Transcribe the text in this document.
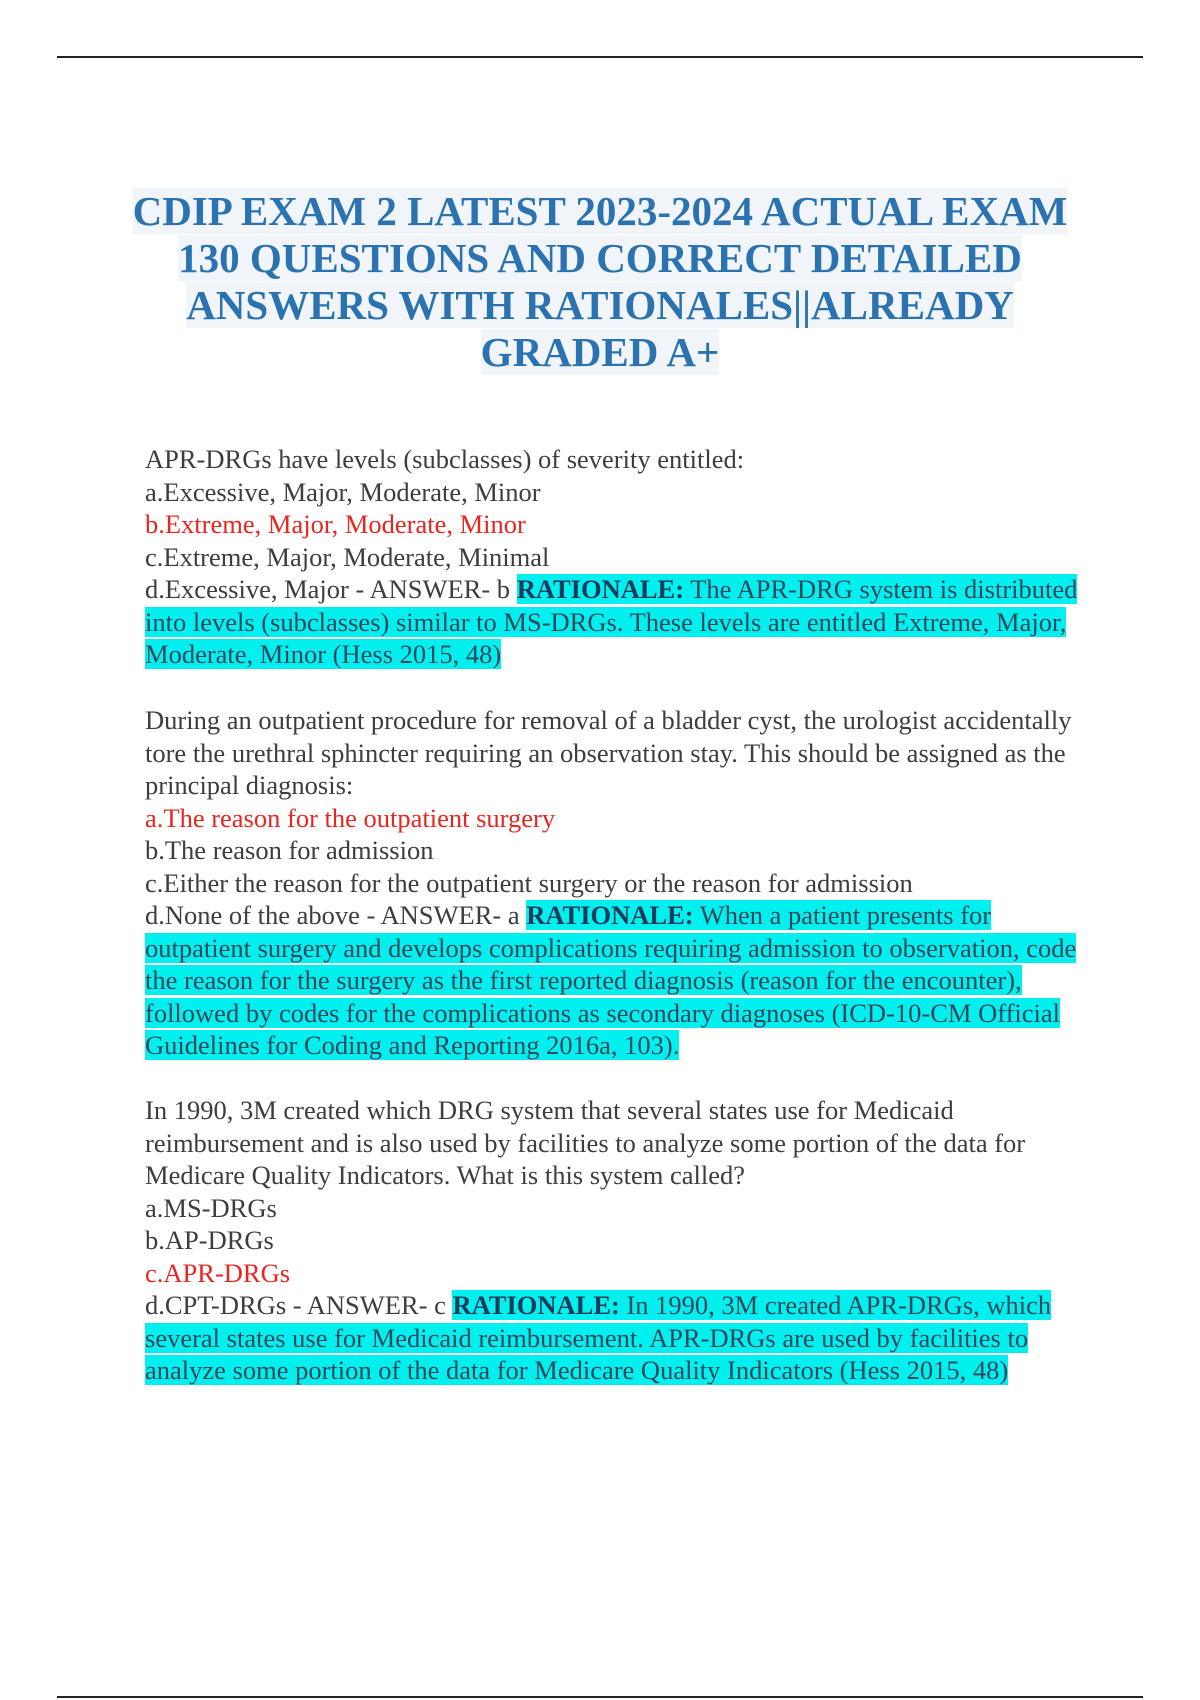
CDIP EXAM 2 LATEST 2023-2024 ACTUAL EXAM 130 QUESTIONS AND CORRECT DETAILED ANSWERS WITH RATIONALES||ALREADY GRADED A+
APR-DRGs have levels (subclasses) of severity entitled:
a.Excessive, Major, Moderate, Minor
b.Extreme, Major, Moderate, Minor
c.Extreme, Major, Moderate, Minimal
d.Excessive, Major - ANSWER- b RATIONALE: The APR-DRG system is distributed into levels (subclasses) similar to MS-DRGs. These levels are entitled Extreme, Major, Moderate, Minor (Hess 2015, 48)
During an outpatient procedure for removal of a bladder cyst, the urologist accidentally tore the urethral sphincter requiring an observation stay. This should be assigned as the principal diagnosis:
a.The reason for the outpatient surgery
b.The reason for admission
c.Either the reason for the outpatient surgery or the reason for admission
d.None of the above - ANSWER- a RATIONALE: When a patient presents for outpatient surgery and develops complications requiring admission to observation, code the reason for the surgery as the first reported diagnosis (reason for the encounter), followed by codes for the complications as secondary diagnoses (ICD-10-CM Official Guidelines for Coding and Reporting 2016a, 103).
In 1990, 3M created which DRG system that several states use for Medicaid reimbursement and is also used by facilities to analyze some portion of the data for Medicare Quality Indicators. What is this system called?
a.MS-DRGs
b.AP-DRGs
c.APR-DRGs
d.CPT-DRGs - ANSWER- c RATIONALE: In 1990, 3M created APR-DRGs, which several states use for Medicaid reimbursement. APR-DRGs are used by facilities to analyze some portion of the data for Medicare Quality Indicators (Hess 2015, 48)
